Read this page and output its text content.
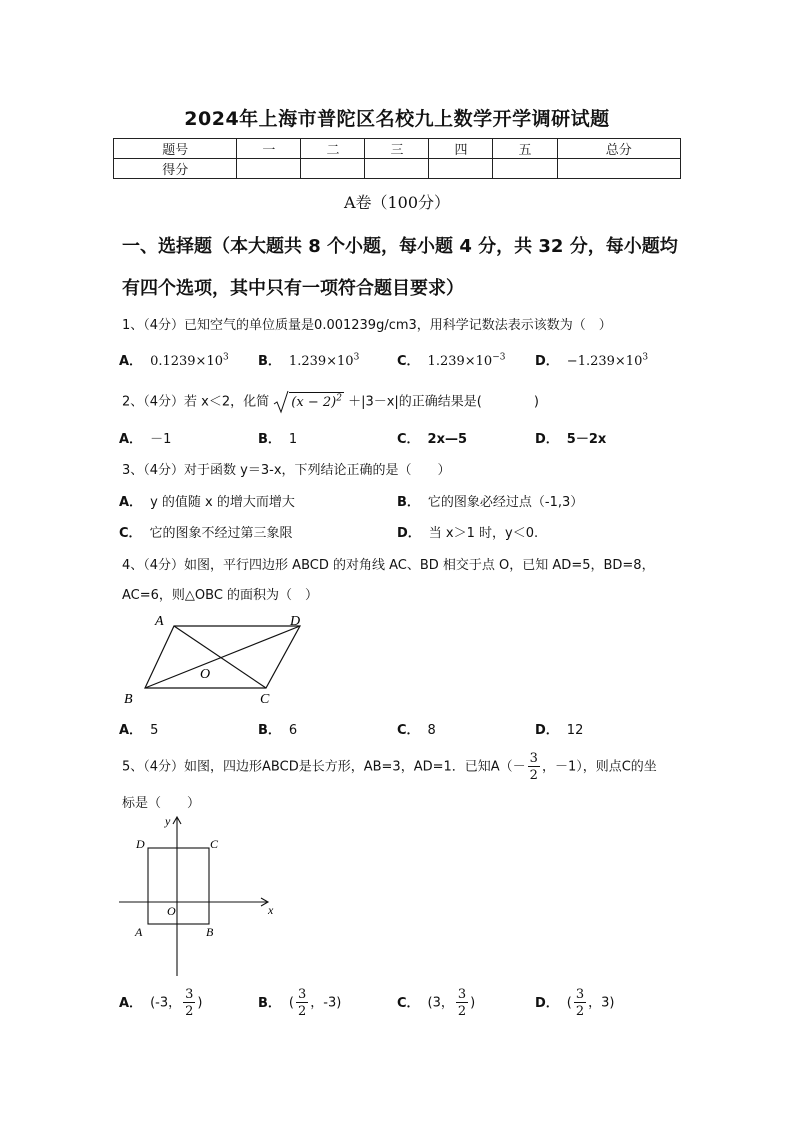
2024年上海市普陀区名校九上数学开学调研试题
题号	一	二	三	四	五	总分
得分						
A卷（100分）
一、选择题（本大题共 8 个小题，每小题 4 分，共 32 分，每小题均
有四个选项，其中只有一项符合题目要求）
1、（4分）已知空气的单位质量是0.001239g/cm3，用科学记数法表示该数为（　）
A． $0.1239\times 10^3$ B． $1.239\times 10^3$	C． $1.239\times 10^{-3}$ D． $-1.239\times 10^3$
2、（4分）若 x＜2，化简 $(x - 2)^2 +|3-x|$的正确结果是(　　　　)
A． －1	B． 1	C． 2x—5	D． 5－2x
3、（4分）对于函数 y＝3-x，下列结论正确的是（　　）
A． y 的值随 x 的增大而增大	B． 它的图象必经过点（-1,3）
C． 它的图象不经过第三象限	D． 当 x＞1 时，y＜0.
4、（4分）如图，平行四边形 ABCD 的对角线 AC、BD 相交于点 O，已知 AD=5，BD=8，
AC=6，则△OBC 的面积为（　）
A	D
B	C
O
A． 5	B． 6	C． 8	D． 12
5、（4分）如图，四边形ABCD是长方形，AB=3，AD=1．已知$A(- \frac{3}{2}$ ，－1），则点C的坐
标是（　　）
y
x
O
A	B
C
D
A． (-3， $\frac{3}{2}$ )	B． ( $\frac{3}{2}$ ，-3)	C． (3， $\frac{3}{2}$ )	D． ( $\frac{3}{2}$ ，3)
